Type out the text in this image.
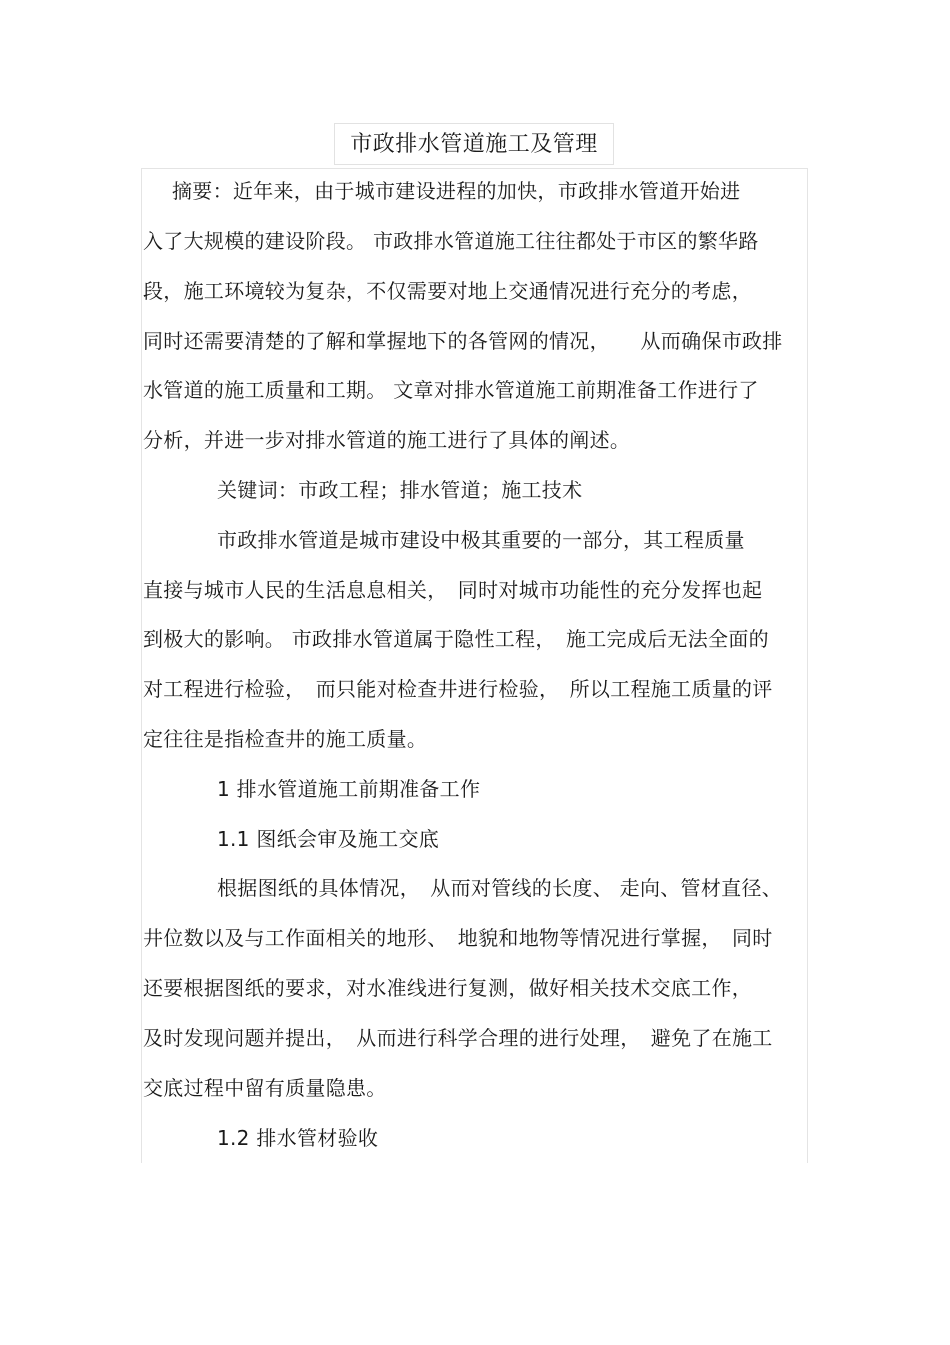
市政排水管道施工及管理
摘要：近年来，由于城市建设进程的加快，市政排水管道开始进
入了大规模的建设阶段。 市政排水管道施工往往都处于市区的繁华路
段，施工环境较为复杂，不仅需要对地上交通情况进行充分的考虑，
同时还需要清楚的了解和掌握地下的各管网的情况，　　从而确保市政排
水管道的施工质量和工期。 文章对排水管道施工前期准备工作进行了
分析，并进一步对排水管道的施工进行了具体的阐述。
关键词：市政工程；排水管道；施工技术
市政排水管道是城市建设中极其重要的一部分，其工程质量
直接与城市人民的生活息息相关，　同时对城市功能性的充分发挥也起
到极大的影响。 市政排水管道属于隐性工程，　施工完成后无法全面的
对工程进行检验，　而只能对检查井进行检验，　所以工程施工质量的评
定往往是指检查井的施工质量。
1 排水管道施工前期准备工作
1.1 图纸会审及施工交底
根据图纸的具体情况，　从而对管线的长度、 走向、管材直径、
井位数以及与工作面相关的地形、　地貌和地物等情况进行掌握，　同时
还要根据图纸的要求，对水准线进行复测，做好相关技术交底工作，
及时发现问题并提出，　从而进行科学合理的进行处理，　避免了在施工
交底过程中留有质量隐患。
1.2 排水管材验收
